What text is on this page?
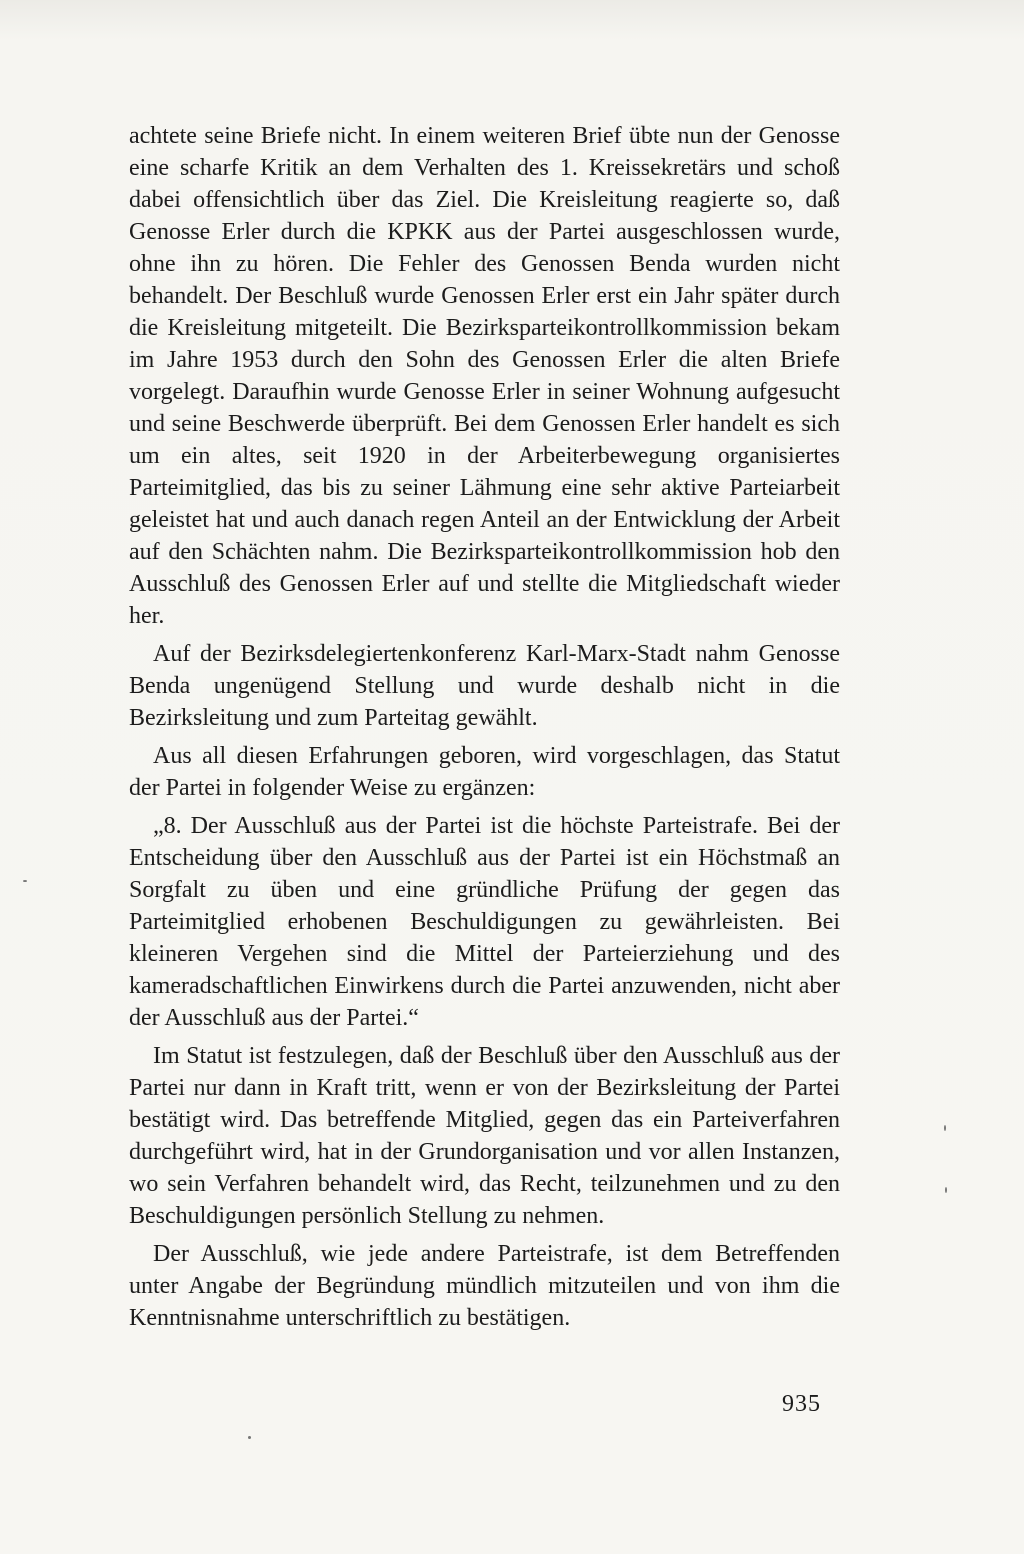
achtete seine Briefe nicht. In einem weiteren Brief übte nun der Genosse eine scharfe Kritik an dem Verhalten des 1. Kreissekretärs und schoß dabei offensichtlich über das Ziel. Die Kreisleitung reagierte so, daß Genosse Erler durch die KPKK aus der Partei ausgeschlossen wurde, ohne ihn zu hören. Die Fehler des Genossen Benda wurden nicht behandelt. Der Beschluß wurde Genossen Erler erst ein Jahr später durch die Kreisleitung mitgeteilt. Die Bezirksparteikontrollkommission bekam im Jahre 1953 durch den Sohn des Genossen Erler die alten Briefe vorgelegt. Daraufhin wurde Genosse Erler in seiner Wohnung aufgesucht und seine Beschwerde überprüft. Bei dem Genossen Erler handelt es sich um ein altes, seit 1920 in der Arbeiterbewegung organisiertes Parteimitglied, das bis zu seiner Lähmung eine sehr aktive Parteiarbeit geleistet hat und auch danach regen Anteil an der Entwicklung der Arbeit auf den Schächten nahm. Die Bezirksparteikontrollkommission hob den Ausschluß des Genossen Erler auf und stellte die Mitgliedschaft wieder her.

Auf der Bezirksdelegiertenkonferenz Karl-Marx-Stadt nahm Genosse Benda ungenügend Stellung und wurde deshalb nicht in die Bezirksleitung und zum Parteitag gewählt.

Aus all diesen Erfahrungen geboren, wird vorgeschlagen, das Statut der Partei in folgender Weise zu ergänzen:

„8. Der Ausschluß aus der Partei ist die höchste Parteistrafe. Bei der Entscheidung über den Ausschluß aus der Partei ist ein Höchstmaß an Sorgfalt zu üben und eine gründliche Prüfung der gegen das Parteimitglied erhobenen Beschuldigungen zu gewährleisten. Bei kleineren Vergehen sind die Mittel der Parteierziehung und des kameradschaftlichen Einwirkens durch die Partei anzuwenden, nicht aber der Ausschluß aus der Partei.“

Im Statut ist festzulegen, daß der Beschluß über den Ausschluß aus der Partei nur dann in Kraft tritt, wenn er von der Bezirksleitung der Partei bestätigt wird. Das betreffende Mitglied, gegen das ein Parteiverfahren durchgeführt wird, hat in der Grundorganisation und vor allen Instanzen, wo sein Verfahren behandelt wird, das Recht, teilzunehmen und zu den Beschuldigungen persönlich Stellung zu nehmen.

Der Ausschluß, wie jede andere Parteistrafe, ist dem Betreffenden unter Angabe der Begründung mündlich mitzuteilen und von ihm die Kenntnisnahme unterschriftlich zu bestätigen.

935
